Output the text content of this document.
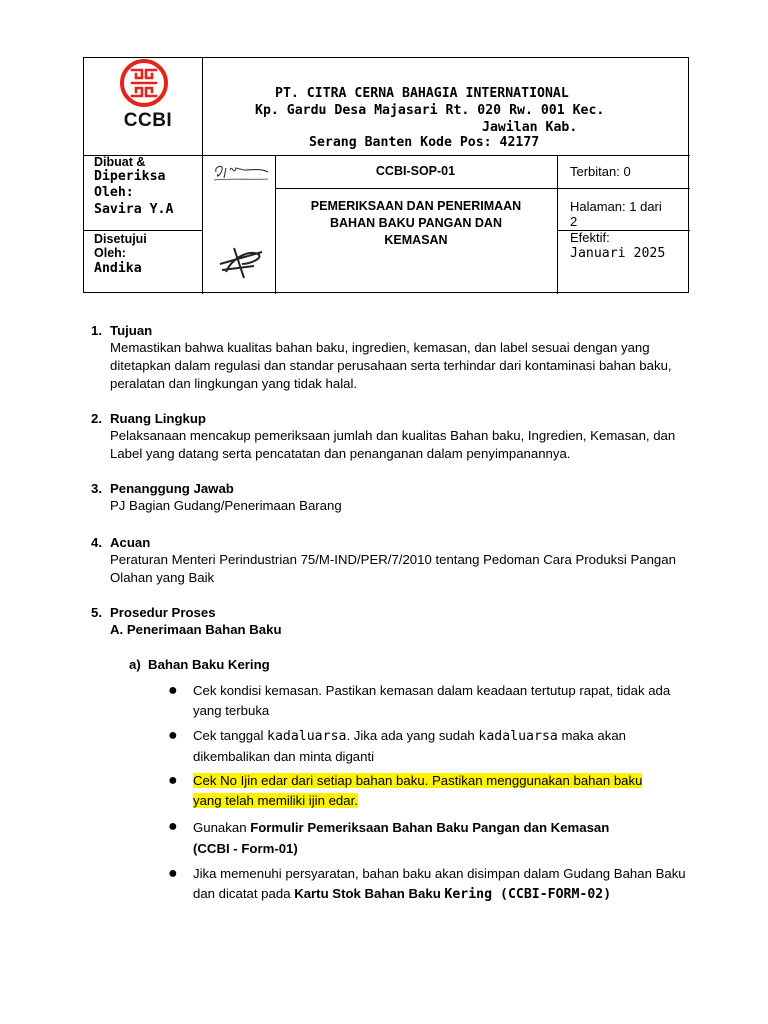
CCBI
PT. CITRA CERNA BAHAGIA INTERNATIONAL
Kp. Gardu Desa Majasari Rt. 020 Rw. 001 Kec.
Jawilan Kab.
Serang Banten Kode Pos: 42177
Dibuat &
Diperiksa
Oleh:
Savira Y.A
Disetujui
Oleh:
Andika
CCBI-SOP-01
PEMERIKSAAN DAN PENERIMAAN BAHAN BAKU PANGAN DAN KEMASAN
Terbitan: 0
Halaman: 1 dari
2
Efektif:
Januari 2025
1. Tujuan
Memastikan bahwa kualitas bahan baku, ingredien, kemasan, dan label sesuai dengan yang ditetapkan dalam regulasi dan standar perusahaan serta terhindar dari kontaminasi bahan baku, peralatan dan lingkungan yang tidak halal.
2. Ruang Lingkup
Pelaksanaan mencakup pemeriksaan jumlah dan kualitas Bahan baku, Ingredien, Kemasan, dan Label yang datang serta pencatatan dan penanganan dalam penyimpanannya.
3. Penanggung Jawab
PJ Bagian Gudang/Penerimaan Barang
4. Acuan
Peraturan Menteri Perindustrian 75/M-IND/PER/7/2010 tentang Pedoman Cara Produksi Pangan Olahan yang Baik
5. Prosedur Proses
A. Penerimaan Bahan Baku
a)  Bahan Baku Kering
● Cek kondisi kemasan. Pastikan kemasan dalam keadaan tertutup rapat, tidak ada yang terbuka
● Cek tanggal kadaluarsa. Jika ada yang sudah kadaluarsa maka akan dikembalikan dan minta diganti
● Cek No Ijin edar dari setiap bahan baku. Pastikan menggunakan bahan baku
yang telah memiliki ijin edar.
● Gunakan Formulir Pemeriksaan Bahan Baku Pangan dan Kemasan
(CCBI - Form-01)
● Jika memenuhi persyaratan, bahan baku akan disimpan dalam Gudang Bahan Baku dan dicatat pada Kartu Stok Bahan Baku Kering (CCBI-FORM-02)
